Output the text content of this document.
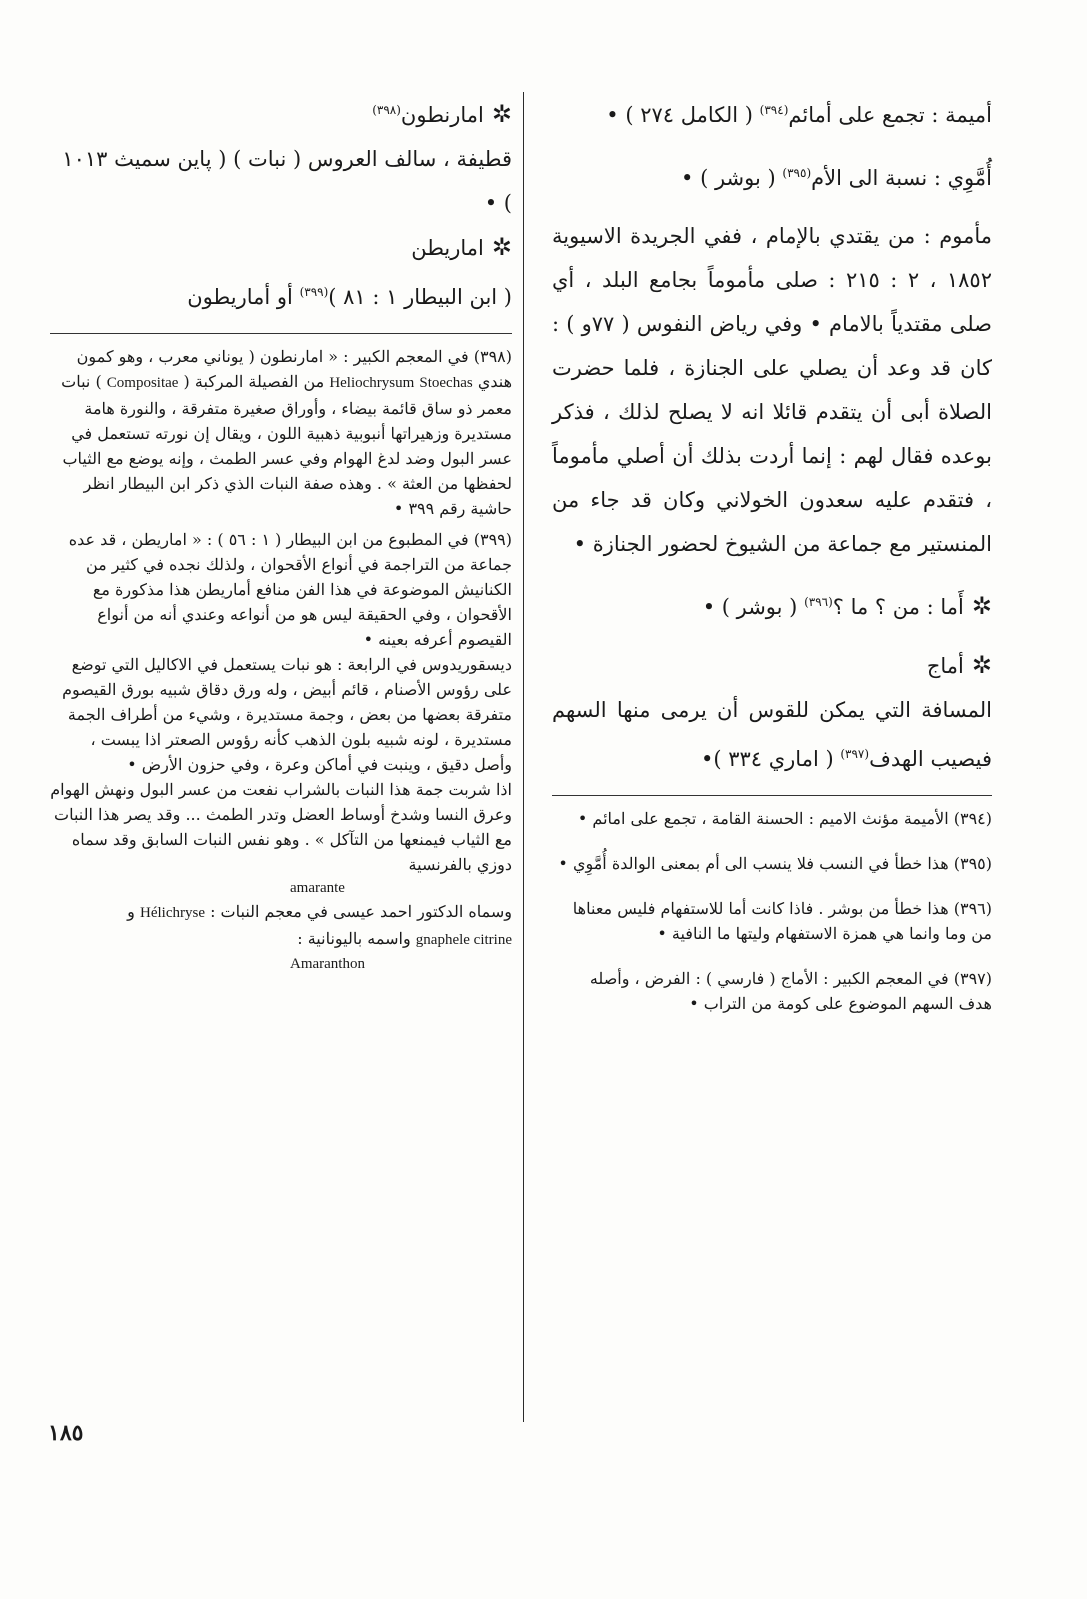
أميمة : تجمع على أمائم$^{(٣٩٤)}$ ( الكامل ٢٧٤ ) •

أُمَّوِي : نسبة الى الأم$^{(٣٩٥)}$ ( بوشر ) •

مأموم : من يقتدي بالإمام ، ففي الجريدة الاسيوية ١٨٥٢ ، ٢ : ٢١٥ : صلى مأموماً بجامع البلد ، أي صلى مقتدياً بالامام • وفي رياض النفوس ( ٧٧و ) : كان قد وعد أن يصلي على الجنازة ، فلما حضرت الصلاة أبى أن يتقدم قائلا انه لا يصلح لذلك ، فذكر بوعده فقال لهم : إنما أردت بذلك أن أصلي مأموماً ، فتقدم عليه سعدون الخولاني وكان قد جاء من المنستير مع جماعة من الشيوخ لحضور الجنازة •

✲أَما : من ؟ ما ؟$^{(٣٩٦)}$ ( بوشر ) •

✲أماج

المسافة التي يمكن للقوس أن يرمى منها السهم فيصيب الهدف$^{(٣٩٧)}$ ( اماري ٣٣٤ )•

(٣٩٤) الأميمة مؤنث الاميم : الحسنة القامة ، تجمع على امائم •

(٣٩٥) هذا خطأ في النسب فلا ينسب الى أم بمعنى الوالدة أُمَّوِي •

(٣٩٦) هذا خطأ من بوشر . فاذا كانت أما للاستفهام فليس معناها من وما وانما هي همزة الاستفهام وليتها ما النافية •

(٣٩٧) في المعجم الكبير : الأماج ( فارسي ) : الفرض ، وأصله هدف السهم الموضوع على كومة من التراب •

✲امارنطون$^{(٣٩٨)}$

قطيفة ، سالف العروس ( نبات ) ( پاين سميث ١٠١٣ ) •

✲اماريطن

( ابن البيطار ١ : ٨١ )$^{(٣٩٩)}$ أو أماريطون

(٣٩٨) في المعجم الكبير : « امارنطون ( يوناني معرب ، وهو كمون هندي Heliochrysum Stoechas من الفصيلة المركبة ( Compositae ) نبات معمر ذو ساق قائمة بيضاء ، وأوراق صغيرة متفرقة ، والنورة هامة مستديرة وزهيراتها أنبوبية ذهبية اللون ، ويقال إن نورته تستعمل في عسر البول وضد لدغ الهوام وفي عسر الطمث ، وإنه يوضع مع الثياب لحفظها من العثة » . وهذه صفة النبات الذي ذكر ابن البيطار انظر حاشية رقم ٣٩٩ •

(٣٩٩) في المطبوع من ابن البيطار ( ١ : ٥٦ ) : « اماريطن ، قد عده جماعة من التراجمة في أنواع الأقحوان ، ولذلك نجده في كثير من الكنانيش الموضوعة في هذا الفن منافع أماريطن هذا مذكورة مع الأقحوان ، وفي الحقيقة ليس هو من أنواعه وعندي أنه من أنواع القيصوم أعرفه بعينه •

ديسقوريدوس في الرابعة : هو نبات يستعمل في الاكاليل التي توضع على رؤوس الأصنام ، قائم أبيض ، وله ورق دقاق شبيه بورق القيصوم متفرقة بعضها من بعض ، وجمة مستديرة ، وشيء من أطراف الجمة مستديرة ، لونه شبيه بلون الذهب كأنه رؤوس الصعتر اذا يبست ، وأصل دقيق ، وينبت في أماكن وعرة ، وفي حزون الأرض •

اذا شربت جمة هذا النبات بالشراب نفعت من عسر البول ونهش الهوام وعرق النسا وشدخ أوساط العضل وتدر الطمث ... وقد يصر هذا النبات مع الثياب فيمنعها من التآكل » . وهو نفس النبات السابق وقد سماه دوزي بالفرنسية

amarante

وسماه الدكتور احمد عيسى في معجم النبات : Hélichryse و

gnaphele citrine واسمه باليونانية :

Amaranthon
١٨٥
